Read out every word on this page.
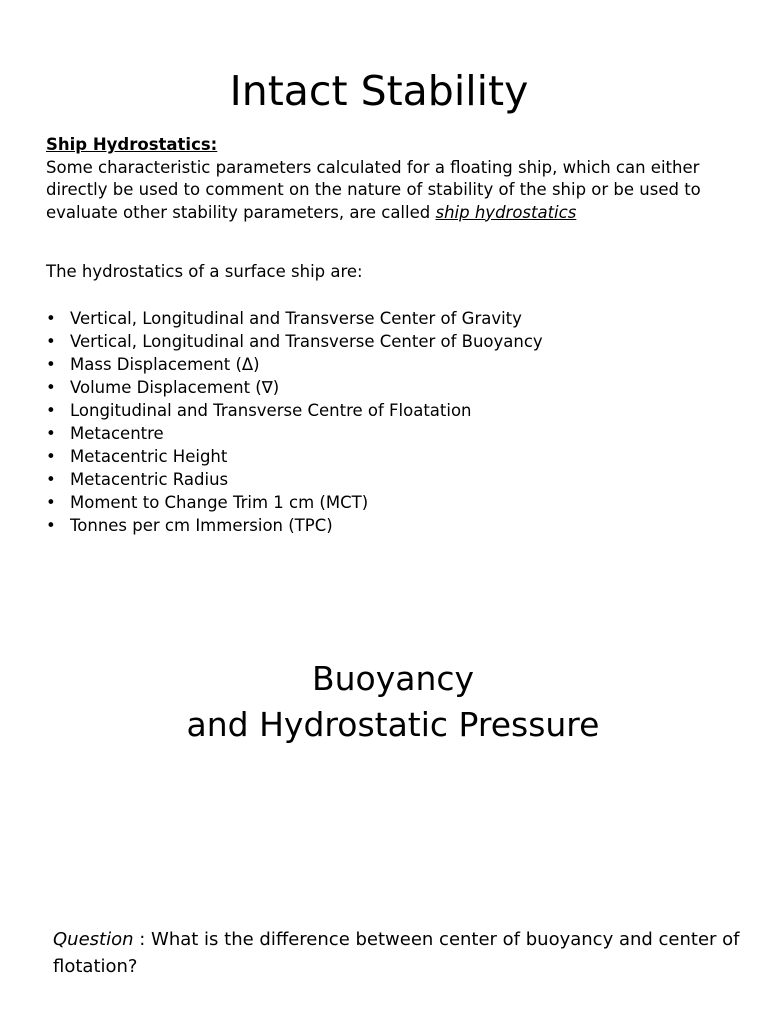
Intact Stability
Ship Hydrostatics:
Some characteristic parameters calculated for a floating ship, which can either directly be used to comment on the nature of stability of the ship or be used to evaluate other stability parameters, are called ship hydrostatics
The hydrostatics of a surface ship are:
• Vertical, Longitudinal and Transverse Center of Gravity
• Vertical, Longitudinal and Transverse Center of Buoyancy
• Mass Displacement (Δ)
• Volume Displacement (∇)
• Longitudinal and Transverse Centre of Floatation
• Metacentre
• Metacentric Height
• Metacentric Radius
• Moment to Change Trim 1 cm (MCT)
• Tonnes per cm Immersion (TPC)
Buoyancy
and Hydrostatic Pressure
Question : What is the difference between center of buoyancy and center of flotation?
